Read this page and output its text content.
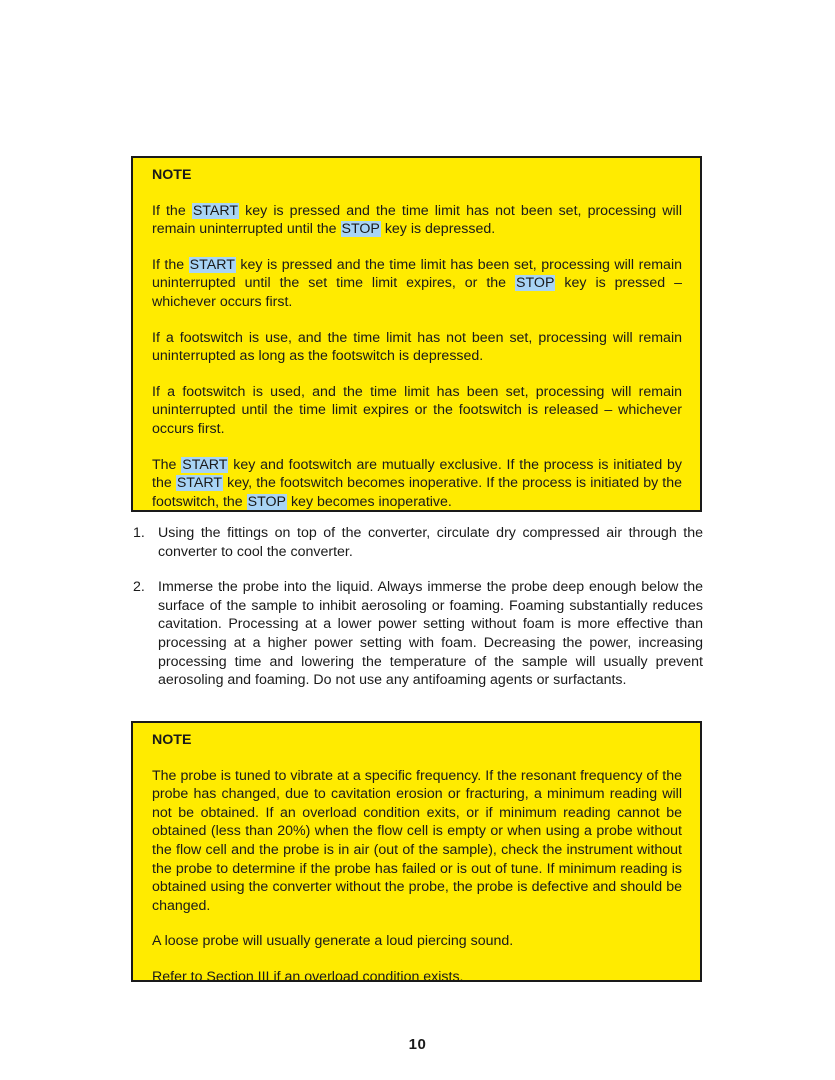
NOTE

If the START key is pressed and the time limit has not been set, processing will remain uninterrupted until the STOP key is depressed.

If the START key is pressed and the time limit has been set, processing will remain uninterrupted until the set time limit expires, or the STOP key is pressed – whichever occurs first.

If a footswitch is use, and the time limit has not been set, processing will remain uninterrupted as long as the footswitch is depressed.

If a footswitch is used, and the time limit has been set, processing will remain uninterrupted until the time limit expires or the footswitch is released – whichever occurs first.

The START key and footswitch are mutually exclusive. If the process is initiated by the START key, the footswitch becomes inoperative. If the process is initiated by the footswitch, the STOP key becomes inoperative.

1. Using the fittings on top of the converter, circulate dry compressed air through the converter to cool the converter.
2. Immerse the probe into the liquid. Always immerse the probe deep enough below the surface of the sample to inhibit aerosoling or foaming. Foaming substantially reduces cavitation. Processing at a lower power setting without foam is more effective than processing at a higher power setting with foam. Decreasing the power, increasing processing time and lowering the temperature of the sample will usually prevent aerosoling and foaming. Do not use any antifoaming agents or surfactants.

NOTE

The probe is tuned to vibrate at a specific frequency. If the resonant frequency of the probe has changed, due to cavitation erosion or fracturing, a minimum reading will not be obtained. If an overload condition exits, or if minimum reading cannot be obtained (less than 20%) when the flow cell is empty or when using a probe without the flow cell and the probe is in air (out of the sample), check the instrument without the probe to determine if the probe has failed or is out of tune. If minimum reading is obtained using the converter without the probe, the probe is defective and should be changed.

A loose probe will usually generate a loud piercing sound.

Refer to Section III if an overload condition exists.

10
